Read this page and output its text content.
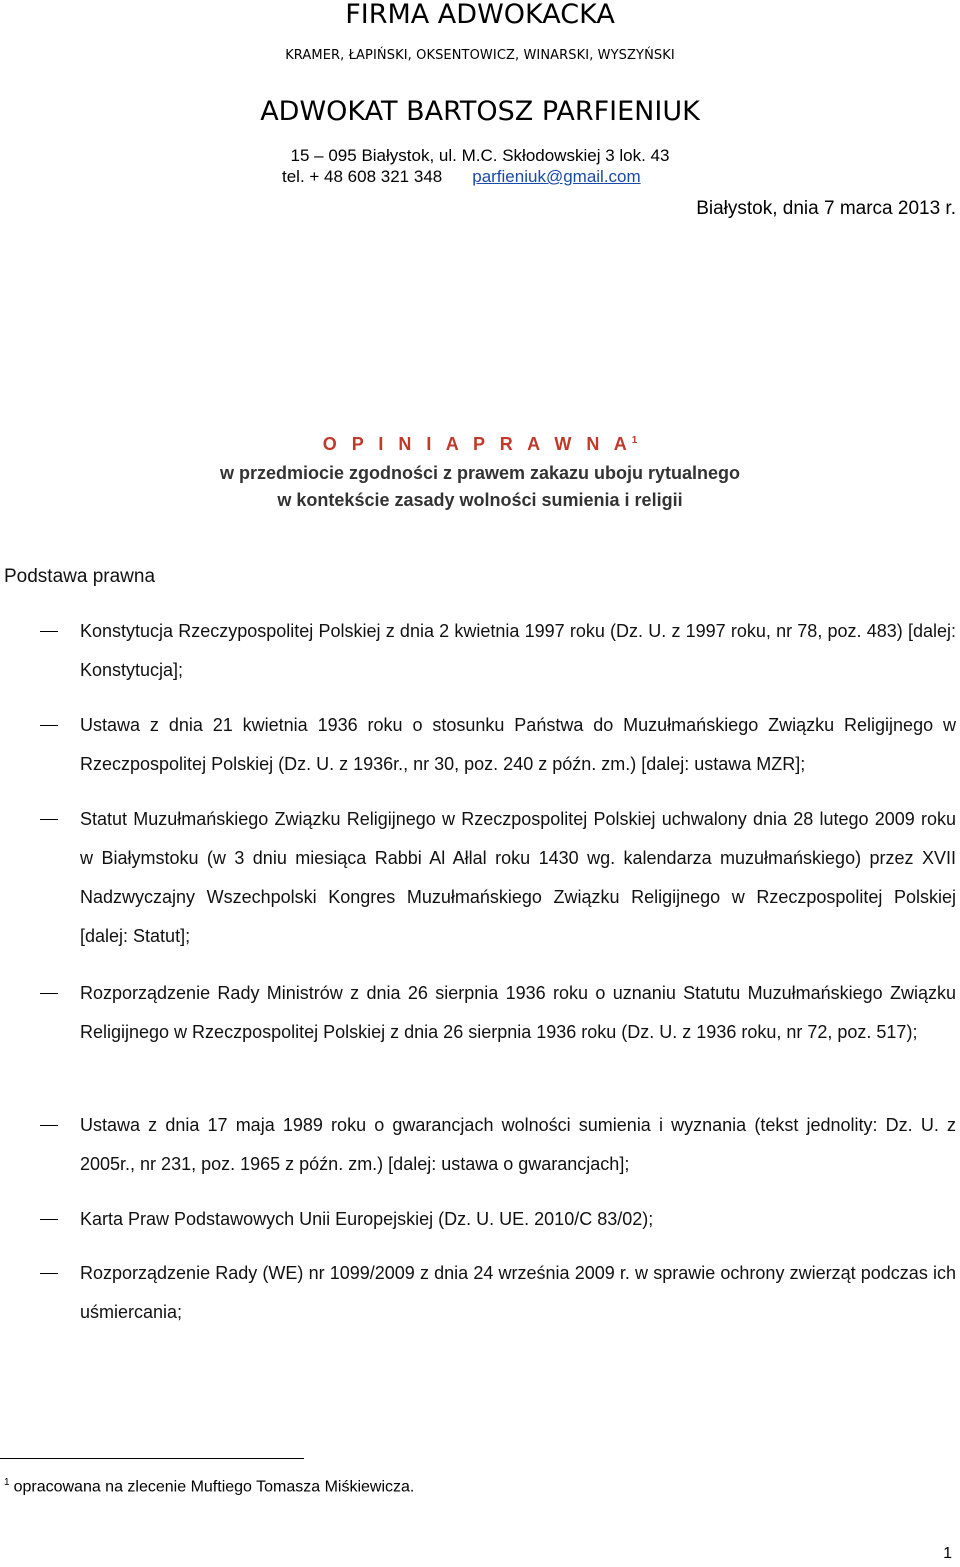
FIRMA ADWOKACKA
KRAMER, ŁAPIŃSKI, OKSENTOWICZ, WINARSKI, WYSZYŃSKI
ADWOKAT BARTOSZ PARFIENIUK
15 – 095 Białystok, ul. M.C. Skłodowskiej 3 lok. 43
tel. + 48 608 321 348 parfieniuk@gmail.com
Białystok, dnia 7 marca 2013 r.
O P I N I A P R A W N $A^1$
w przedmiocie zgodności z prawem zakazu uboju rytualnego
w kontekście zasady wolności sumienia i religii
Podstawa prawna
Konstytucja Rzeczypospolitej Polskiej z dnia 2 kwietnia 1997 roku (Dz. U. z 1997 roku, nr 78, poz. 483) [dalej: Konstytucja];
Ustawa z dnia 21 kwietnia 1936 roku o stosunku Państwa do Muzułmańskiego Związku Religijnego w Rzeczpospolitej Polskiej (Dz. U. z 1936r., nr 30, poz. 240 z późn. zm.) [dalej: ustawa MZR];
Statut Muzułmańskiego Związku Religijnego w Rzeczpospolitej Polskiej uchwalony dnia 28 lutego 2009 roku w Białymstoku (w 3 dniu miesiąca Rabbi Al Ałlal roku 1430 wg. kalendarza muzułmańskiego) przez XVII Nadzwyczajny Wszechpolski Kongres Muzułmańskiego Związku Religijnego w Rzeczpospolitej Polskiej [dalej: Statut];
Rozporządzenie Rady Ministrów z dnia 26 sierpnia 1936 roku o uznaniu Statutu Muzułmańskiego Związku Religijnego w Rzeczpospolitej Polskiej z dnia 26 sierpnia 1936 roku (Dz. U. z 1936 roku, nr 72, poz. 517);
Ustawa z dnia 17 maja 1989 roku o gwarancjach wolności sumienia i wyznania (tekst jednolity: Dz. U. z 2005r., nr 231, poz. 1965 z późn. zm.) [dalej: ustawa o gwarancjach];
Karta Praw Podstawowych Unii Europejskiej (Dz. U. UE. 2010/C 83/02);
Rozporządzenie Rady (WE) nr 1099/2009 z dnia 24 września 2009 r. w sprawie ochrony zwierząt podczas ich uśmiercania;
$^1$ opracowana na zlecenie Muftiego Tomasza Miśkiewicza.
1
